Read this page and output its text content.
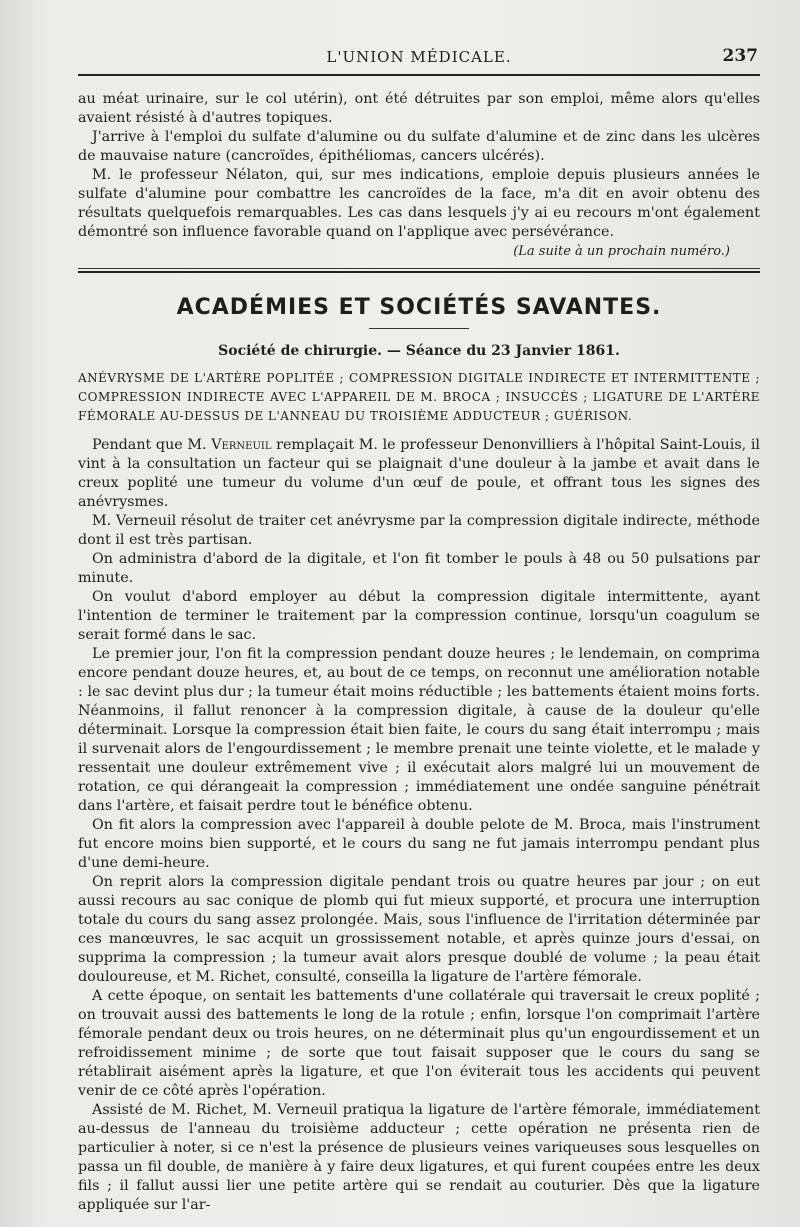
L'UNION MÉDICALE.	237

au méat urinaire, sur le col utérin), ont été détruites par son emploi, même alors qu'elles avaient résisté à d'autres topiques.

J'arrive à l'emploi du sulfate d'alumine ou du sulfate d'alumine et de zinc dans les ulcères de mauvaise nature (cancroïdes, épithéliomas, cancers ulcérés).

M. le professeur Nélaton, qui, sur mes indications, emploie depuis plusieurs années le sulfate d'alumine pour combattre les cancroïdes de la face, m'a dit en avoir obtenu des résultats quelquefois remarquables. Les cas dans lesquels j'y ai eu recours m'ont également démontré son influence favorable quand on l'applique avec persévérance.

(La suite à un prochain numéro.)
ACADÉMIES ET SOCIÉTÉS SAVANTES.
Société de chirurgie. — Séance du 23 Janvier 1861.
ANÉVRYSME DE L'ARTÈRE POPLITÉE ; COMPRESSION DIGITALE INDIRECTE ET INTERMITTENTE ; COMPRESSION INDIRECTE AVEC L'APPAREIL DE M. BROCA ; INSUCCÈS ; LIGATURE DE L'ARTÈRE FÉMORALE AU-DESSUS DE L'ANNEAU DU TROISIÈME ADDUCTEUR ; GUÉRISON.

Pendant que M. Verneuil remplaçait M. le professeur Denonvilliers à l'hôpital Saint-Louis, il vint à la consultation un facteur qui se plaignait d'une douleur à la jambe et avait dans le creux poplité une tumeur du volume d'un œuf de poule, et offrant tous les signes des anévrysmes.

M. Verneuil résolut de traiter cet anévrysme par la compression digitale indirecte, méthode dont il est très partisan.

On administra d'abord de la digitale, et l'on fit tomber le pouls à 48 ou 50 pulsations par minute.

On voulut d'abord employer au début la compression digitale intermittente, ayant l'intention de terminer le traitement par la compression continue, lorsqu'un coagulum se serait formé dans le sac.

Le premier jour, l'on fit la compression pendant douze heures ; le lendemain, on comprima encore pendant douze heures, et, au bout de ce temps, on reconnut une amélioration notable : le sac devint plus dur ; la tumeur était moins réductible ; les battements étaient moins forts. Néanmoins, il fallut renoncer à la compression digitale, à cause de la douleur qu'elle déterminait. Lorsque la compression était bien faite, le cours du sang était interrompu ; mais il survenait alors de l'engourdissement ; le membre prenait une teinte violette, et le malade y ressentait une douleur extrêmement vive ; il exécutait alors malgré lui un mouvement de rotation, ce qui dérangeait la compression ; immédiatement une ondée sanguine pénétrait dans l'artère, et faisait perdre tout le bénéfice obtenu.

On fit alors la compression avec l'appareil à double pelote de M. Broca, mais l'instrument fut encore moins bien supporté, et le cours du sang ne fut jamais interrompu pendant plus d'une demi-heure.

On reprit alors la compression digitale pendant trois ou quatre heures par jour ; on eut aussi recours au sac conique de plomb qui fut mieux supporté, et procura une interruption totale du cours du sang assez prolongée. Mais, sous l'influence de l'irritation déterminée par ces manœuvres, le sac acquit un grossissement notable, et après quinze jours d'essai, on supprima la compression ; la tumeur avait alors presque doublé de volume ; la peau était douloureuse, et M. Richet, consulté, conseilla la ligature de l'artère fémorale.

A cette époque, on sentait les battements d'une collatérale qui traversait le creux poplité ; on trouvait aussi des battements le long de la rotule ; enfin, lorsque l'on comprimait l'artère fémorale pendant deux ou trois heures, on ne déterminait plus qu'un engourdissement et un refroidissement minime ; de sorte que tout faisait supposer que le cours du sang se rétablirait aisément après la ligature, et que l'on éviterait tous les accidents qui peuvent venir de ce côté après l'opération.

Assisté de M. Richet, M. Verneuil pratiqua la ligature de l'artère fémorale, immédiatement au-dessus de l'anneau du troisième adducteur ; cette opération ne présenta rien de particulier à noter, si ce n'est la présence de plusieurs veines variqueuses sous lesquelles on passa un fil double, de manière à y faire deux ligatures, et qui furent coupées entre les deux fils ; il fallut aussi lier une petite artère qui se rendait au couturier. Dès que la ligature appliquée sur l'ar-
